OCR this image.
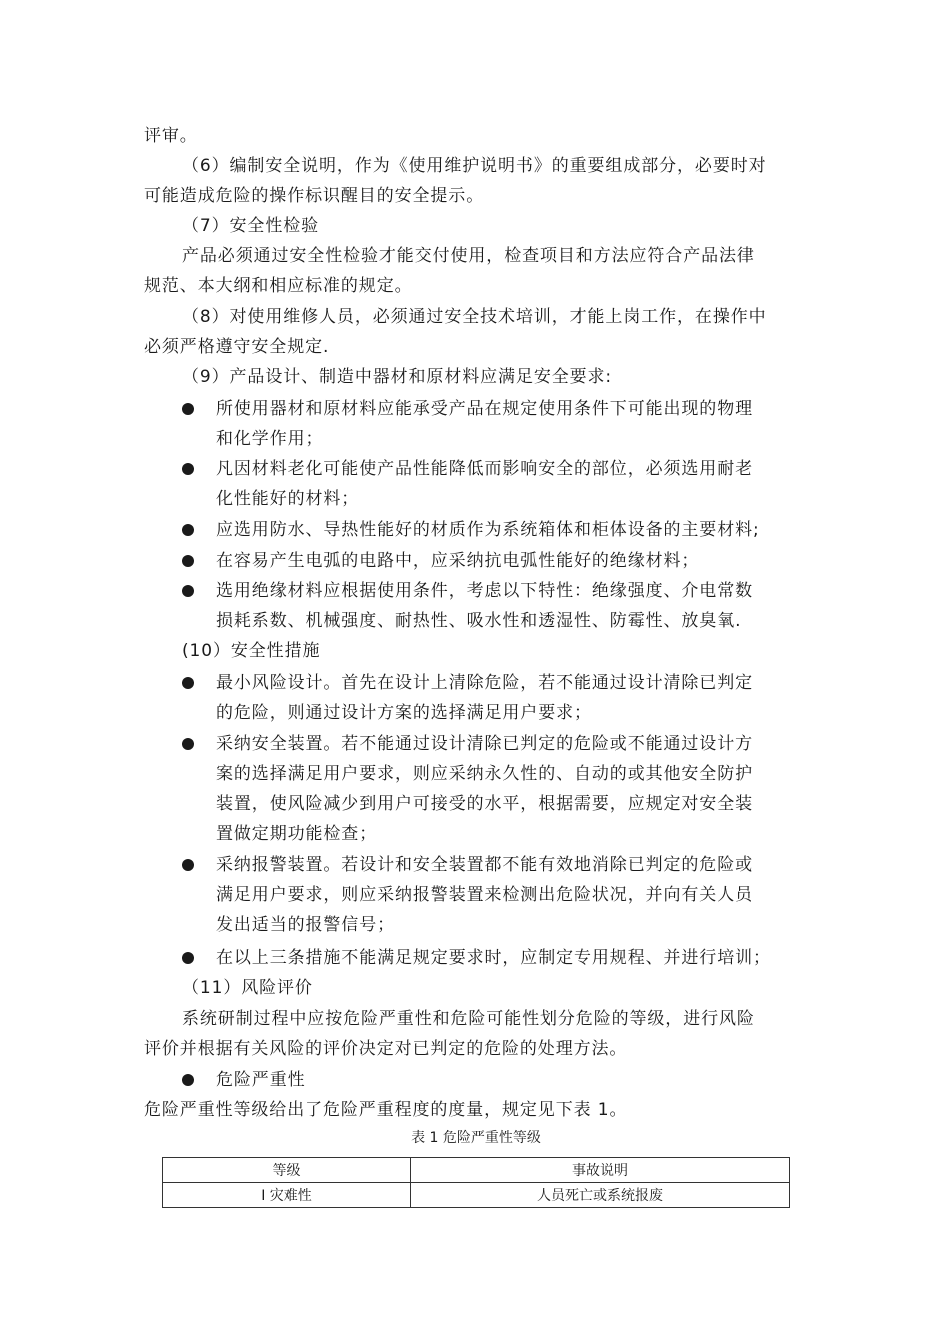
评审。
（6）编制安全说明，作为《使用维护说明书》的重要组成部分，必要时对
可能造成危险的操作标识醒目的安全提示。
（7）安全性检验
产品必须通过安全性检验才能交付使用，检查项目和方法应符合产品法律
规范、本大纲和相应标准的规定。
（8）对使用维修人员，必须通过安全技术培训，才能上岗工作，在操作中
必须严格遵守安全规定.
（9）产品设计、制造中器材和原材料应满足安全要求:
所使用器材和原材料应能承受产品在规定使用条件下可能出现的物理
和化学作用；
凡因材料老化可能使产品性能降低而影响安全的部位，必须选用耐老
化性能好的材料；
应选用防水、导热性能好的材质作为系统箱体和柜体设备的主要材料;
在容易产生电弧的电路中，应采纳抗电弧性能好的绝缘材料；
选用绝缘材料应根据使用条件，考虑以下特性：绝缘强度、介电常数
损耗系数、机械强度、耐热性、吸水性和透湿性、防霉性、放臭氧.
(10）安全性措施
最小风险设计。首先在设计上清除危险，若不能通过设计清除已判定
的危险，则通过设计方案的选择满足用户要求；
采纳安全装置。若不能通过设计清除已判定的危险或不能通过设计方
案的选择满足用户要求，则应采纳永久性的、自动的或其他安全防护
装置，使风险减少到用户可接受的水平，根据需要，应规定对安全装
置做定期功能检查；
采纳报警装置。若设计和安全装置都不能有效地消除已判定的危险或
满足用户要求，则应采纳报警装置来检测出危险状况，并向有关人员
发出适当的报警信号；
在以上三条措施不能满足规定要求时，应制定专用规程、并进行培训；
（11）风险评价
系统研制过程中应按危险严重性和危险可能性划分危险的等级，进行风险
评价并根据有关风险的评价决定对已判定的危险的处理方法。
危险严重性
危险严重性等级给出了危险严重程度的度量，规定见下表 1。
表 1 危险严重性等级
等级	事故说明
I 灾难性	人员死亡或系统报废
